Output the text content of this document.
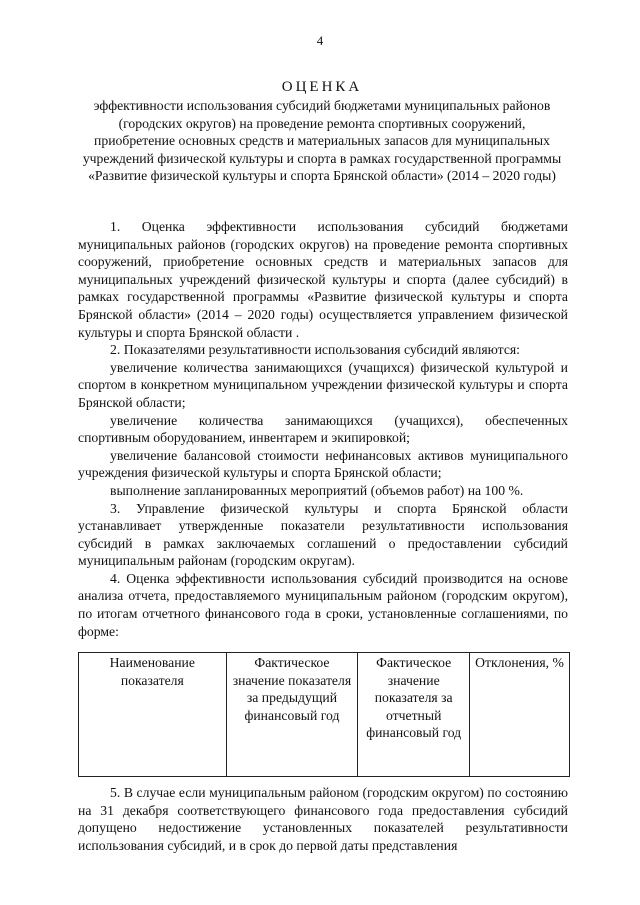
4
ОЦЕНКА
эффективности использования субсидий бюджетами муниципальных районов (городских округов) на проведение ремонта спортивных сооружений, приобретение основных средств и материальных запасов для муниципальных учреждений физической культуры и спорта в рамках государственной программы «Развитие физической культуры и спорта Брянской области» (2014 – 2020 годы)

1. Оценка эффективности использования субсидий бюджетами муниципальных районов (городских округов) на проведение ремонта спортивных сооружений, приобретение основных средств и материальных запасов для муниципальных учреждений физической культуры и спорта (далее субсидий) в рамках государственной программы «Развитие физической культуры и спорта Брянской области» (2014 – 2020 годы) осуществляется управлением физической культуры и спорта Брянской области .

2. Показателями результативности использования субсидий являются:

увеличение количества занимающихся (учащихся) физической культурой и спортом в конкретном муниципальном учреждении физической культуры и спорта Брянской области;

увеличение количества занимающихся (учащихся), обеспеченных спортивным оборудованием, инвентарем и экипировкой;

увеличение балансовой стоимости нефинансовых активов муниципального учреждения физической культуры и спорта Брянской области;

выполнение запланированных мероприятий (объемов работ) на 100 %.

3. Управление физической культуры и спорта Брянской области устанавливает утвержденные показатели результативности использования субсидий в рамках заключаемых соглашений о предоставлении субсидий муниципальным районам (городским округам).

4. Оценка эффективности использования субсидий производится на основе анализа отчета, предоставляемого муниципальным районом (городским округом), по итогам отчетного финансового года в сроки, установленные соглашениями, по форме:

Наименование показателя	Фактическое значение показателя за предыдущий финансовый год	Фактическое значение показателя за отчетный финансовый год	Отклонения, %

5. В случае если муниципальным районом (городским округом) по состоянию на 31 декабря соответствующего финансового года предоставления субсидий допущено недостижение установленных показателей результативности использования субсидий, и в срок до первой даты представления
